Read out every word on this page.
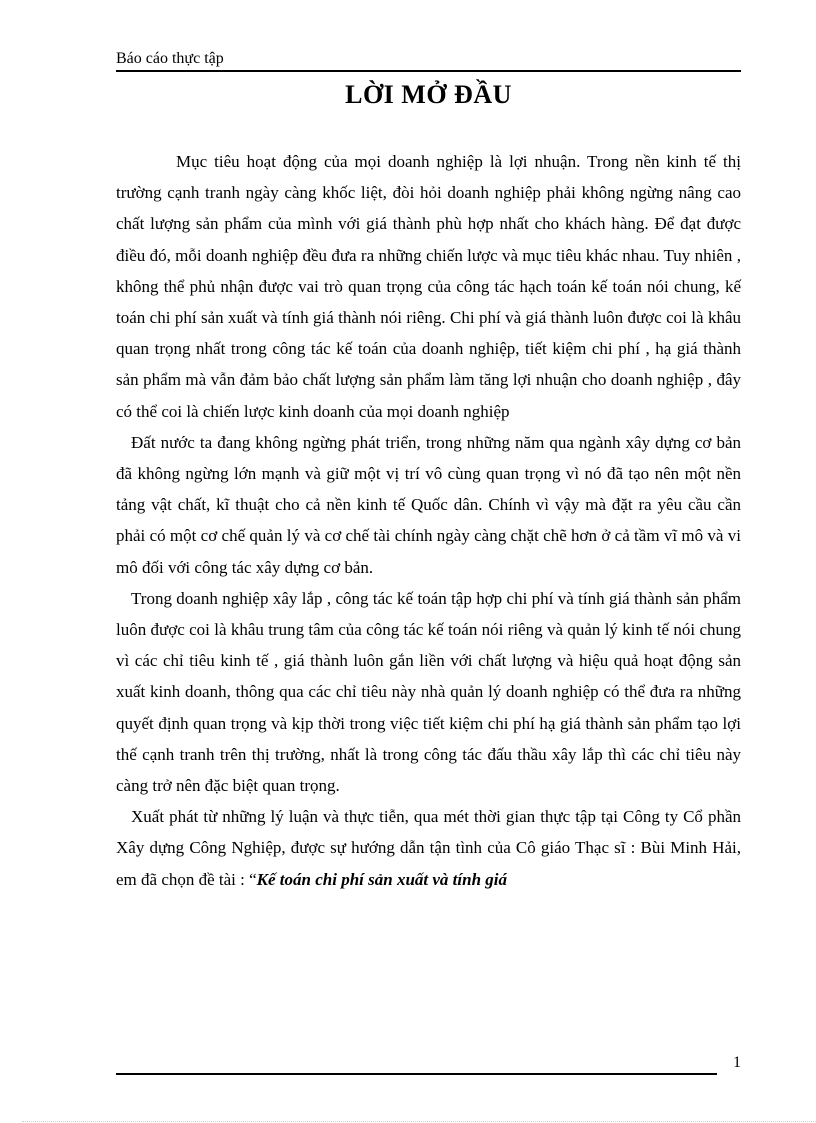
Báo cáo thực tập
LỜI MỞ ĐẦU

Mục tiêu hoạt động của mọi doanh nghiệp là lợi nhuận. Trong nền kinh tế thị trường cạnh tranh ngày càng khốc liệt, đòi hỏi doanh nghiệp phải không ngừng nâng cao chất lượng sản phẩm của mình với giá thành phù hợp nhất cho khách hàng. Để đạt được điều đó, mỗi doanh nghiệp đều đưa ra những chiến lược và mục tiêu khác nhau. Tuy nhiên , không thể phủ nhận được vai trò quan trọng của công tác hạch toán kế toán nói chung, kế toán chi phí sản xuất và tính giá thành nói riêng. Chi phí và giá thành luôn được coi là khâu quan trọng nhất trong công tác kế toán của doanh nghiệp, tiết kiệm chi phí , hạ giá thành sản phẩm mà vẫn đảm bảo chất lượng sản phẩm làm tăng lợi nhuận cho doanh nghiệp , đây có thể coi là chiến lược kinh doanh của mọi doanh nghiệp

Đất nước ta đang không ngừng phát triển, trong những năm qua ngành xây dựng cơ bản đã không ngừng lớn mạnh và giữ một vị trí vô cùng quan trọng vì nó đã tạo nên một nền tảng vật chất, kĩ thuật cho cả nền kinh tế Quốc dân. Chính vì vậy mà đặt ra yêu cầu cần phải có một cơ chế quản lý và cơ chế tài chính ngày càng chặt chẽ hơn ở cả tầm vĩ mô và vi mô đối với công tác xây dựng cơ bản.

Trong doanh nghiệp xây lắp , công tác kế toán tập hợp chi phí và tính giá thành sản phẩm luôn được coi là khâu trung tâm của công tác kế toán nói riêng và quản lý kinh tế nói chung vì các chỉ tiêu kinh tế , giá thành luôn gắn liền với chất lượng và hiệu quả hoạt động sản xuất kinh doanh, thông qua các chỉ tiêu này nhà quản lý doanh nghiệp có thể đưa ra những quyết định quan trọng và kịp thời trong việc tiết kiệm chi phí hạ giá thành sản phẩm tạo lợi thế cạnh tranh trên thị trường, nhất là trong công tác đấu thầu xây lắp thì các chỉ tiêu này càng trở nên đặc biệt quan trọng.

Xuất phát từ những lý luận và thực tiễn, qua mét thời gian thực tập tại Công ty Cổ phần Xây dựng Công Nghiệp, được sự hướng dẫn tận tình của Cô giáo Thạc sĩ : Bùi Minh Hải, em đã chọn đề tài : “Kế toán chi phí sản xuất và tính giá

1
